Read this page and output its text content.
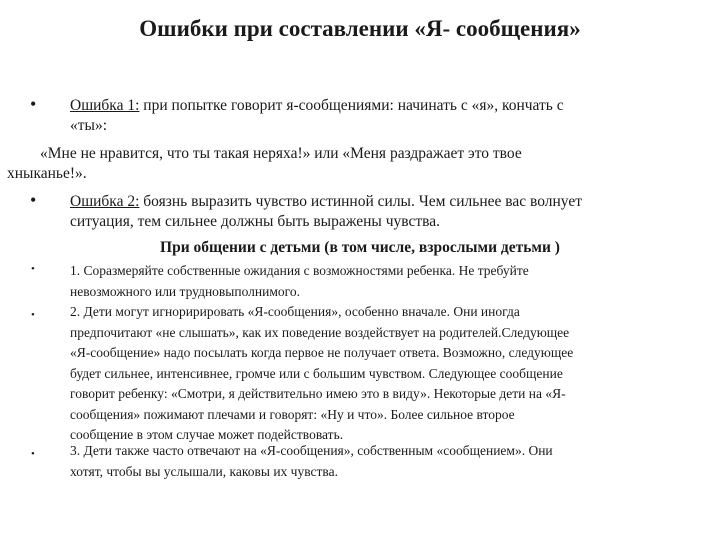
Ошибки при составлении «Я- сообщения»
• Ошибка 1: при попытке говорит я-сообщениями: начинать с «я», кончать с
«ты»:
«Мне не нравится, что ты такая неряха!» или «Меня раздражает это твое
хныканье!».
• Ошибка 2: боязнь выразить чувство истинной силы. Чем сильнее вас волнует
ситуация, тем сильнее должны быть выражены чувства.
При общении с детьми (в том числе, взрослыми детьми )
•	1. Соразмеряйте собственные ожидания с возможностями ребенка. Не требуйте
невозможного или трудновыполнимого.
•	2. Дети могут игноририровать «Я-сообщения», особенно вначале. Они иногда
предпочитают «не слышать», как их поведение воздействует на родителей.Следующее
«Я-сообщение» надо посылать когда первое не получает ответа. Возможно, следующее
будет сильнее, интенсивнее, громче или с большим чувством. Следующее сообщение
говорит ребенку: «Смотри, я действительно имею это в виду». Некоторые дети на «Я-
сообщения» пожимают плечами и говорят: «Ну и что». Более сильное второе
сообщение в этом случае может подействовать.
•	3. Дети также часто отвечают на «Я-сообщения», собственным «сообщением». Они
хотят, чтобы вы услышали, каковы их чувства.
